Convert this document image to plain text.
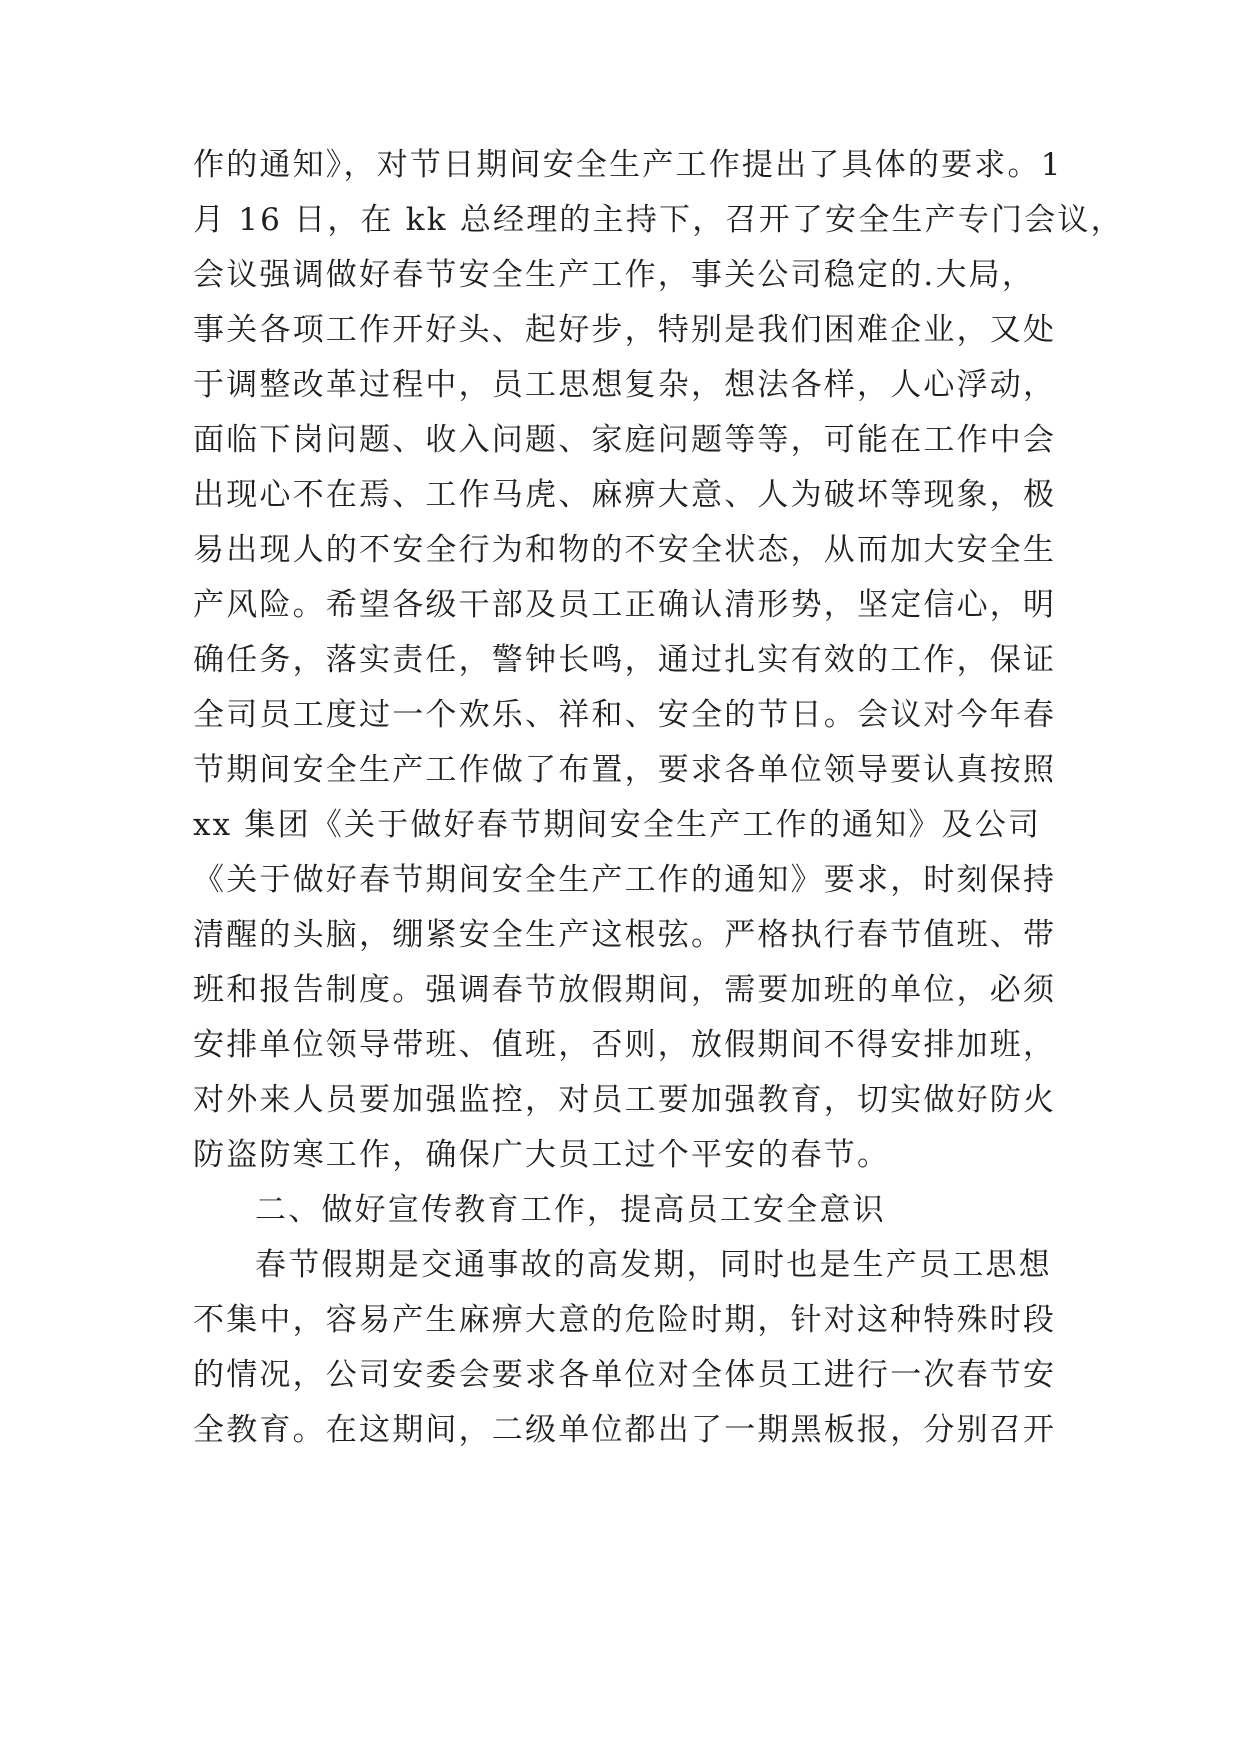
作的通知》，对节日期间安全生产工作提出了具体的要求。1
月 16 日，在 kk 总经理的主持下，召开了安全生产专门会议，
会议强调做好春节安全生产工作，事关公司稳定的.大局，
事关各项工作开好头、起好步，特别是我们困难企业，又处
于调整改革过程中，员工思想复杂，想法各样，人心浮动，
面临下岗问题、收入问题、家庭问题等等，可能在工作中会
出现心不在焉、工作马虎、麻痹大意、人为破坏等现象，极
易出现人的不安全行为和物的不安全状态，从而加大安全生
产风险。希望各级干部及员工正确认清形势，坚定信心，明
确任务，落实责任，警钟长鸣，通过扎实有效的工作，保证
全司员工度过一个欢乐、祥和、安全的节日。会议对今年春
节期间安全生产工作做了布置，要求各单位领导要认真按照
xx 集团《关于做好春节期间安全生产工作的通知》及公司
《关于做好春节期间安全生产工作的通知》要求，时刻保持
清醒的头脑，绷紧安全生产这根弦。严格执行春节值班、带
班和报告制度。强调春节放假期间，需要加班的单位，必须
安排单位领导带班、值班，否则，放假期间不得安排加班，
对外来人员要加强监控，对员工要加强教育，切实做好防火
防盗防寒工作，确保广大员工过个平安的春节。
二、做好宣传教育工作，提高员工安全意识
春节假期是交通事故的高发期，同时也是生产员工思想
不集中，容易产生麻痹大意的危险时期，针对这种特殊时段
的情况，公司安委会要求各单位对全体员工进行一次春节安
全教育。在这期间，二级单位都出了一期黑板报，分别召开
